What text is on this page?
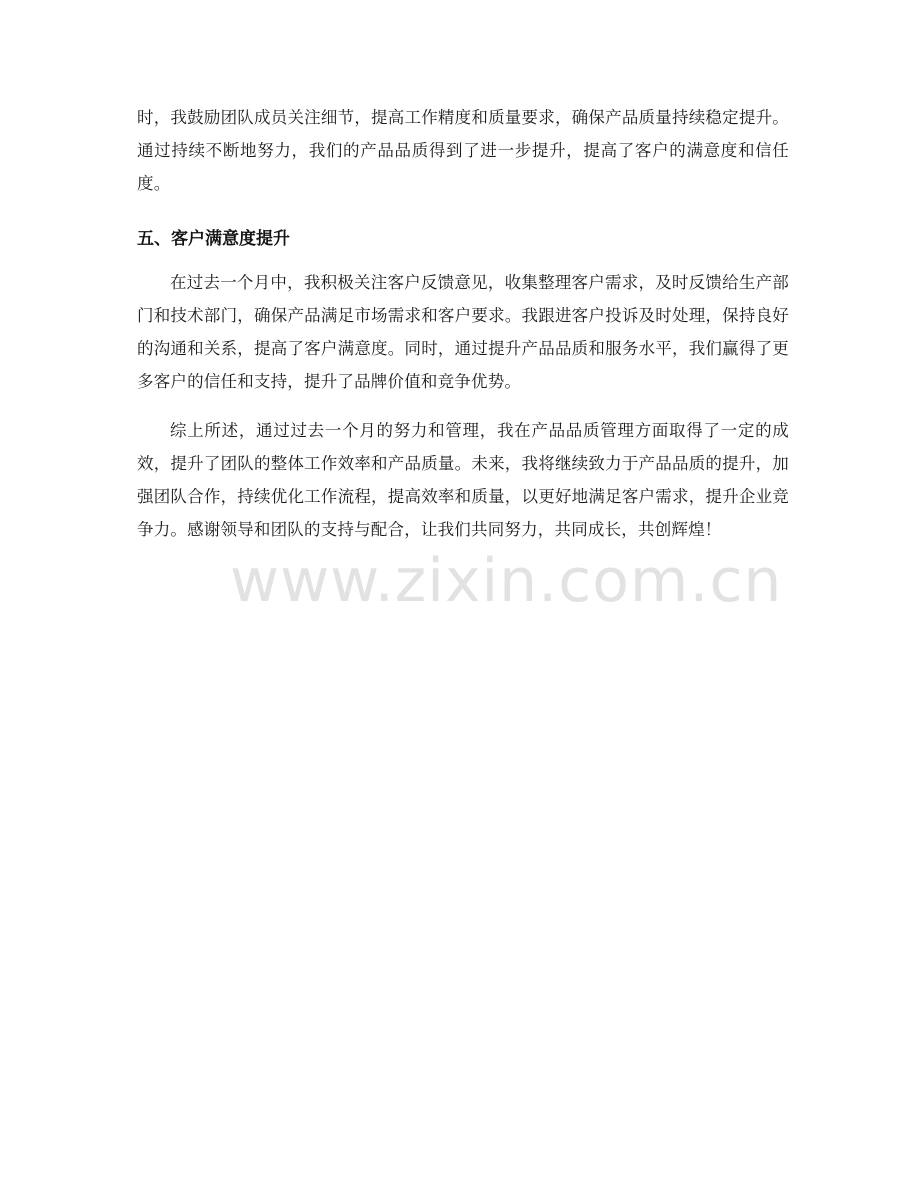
时，我鼓励团队成员关注细节，提高工作精度和质量要求，确保产品质量持续稳定提升。通过持续不断地努力，我们的产品品质得到了进一步提升，提高了客户的满意度和信任度。

五、客户满意度提升

在过去一个月中，我积极关注客户反馈意见，收集整理客户需求，及时反馈给生产部门和技术部门，确保产品满足市场需求和客户要求。我跟进客户投诉及时处理，保持良好的沟通和关系，提高了客户满意度。同时，通过提升产品品质和服务水平，我们赢得了更多客户的信任和支持，提升了品牌价值和竞争优势。

综上所述，通过过去一个月的努力和管理，我在产品品质管理方面取得了一定的成效，提升了团队的整体工作效率和产品质量。未来，我将继续致力于产品品质的提升，加强团队合作，持续优化工作流程，提高效率和质量，以更好地满足客户需求，提升企业竞争力。感谢领导和团队的支持与配合，让我们共同努力，共同成长，共创辉煌！

www.zixin.com.cn
